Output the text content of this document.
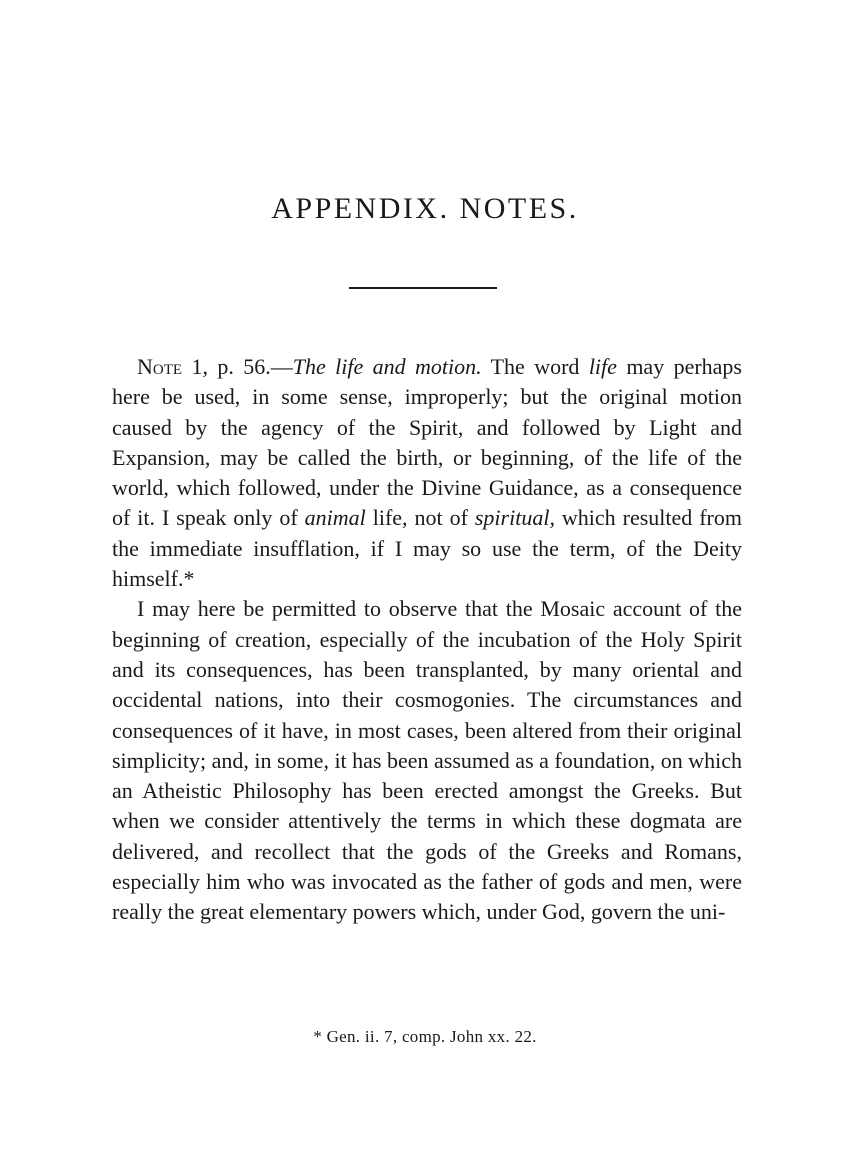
APPENDIX. NOTES.

Note 1, p. 56.—The life and motion. The word life may perhaps here be used, in some sense, improperly; but the original motion caused by the agency of the Spirit, and followed by Light and Expansion, may be called the birth, or beginning, of the life of the world, which followed, under the Divine Guidance, as a consequence of it. I speak only of animal life, not of spiritual, which resulted from the immediate insufflation, if I may so use the term, of the Deity himself.*

I may here be permitted to observe that the Mosaic account of the beginning of creation, especially of the incubation of the Holy Spirit and its consequences, has been transplanted, by many oriental and occidental nations, into their cosmogonies. The circumstances and consequences of it have, in most cases, been altered from their original simplicity; and, in some, it has been assumed as a foundation, on which an Atheistic Philosophy has been erected amongst the Greeks. But when we consider attentively the terms in which these dogmata are delivered, and recollect that the gods of the Greeks and Romans, especially him who was invocated as the father of gods and men, were really the great elementary powers which, under God, govern the uni-

* Gen. ii. 7, comp. John xx. 22.
